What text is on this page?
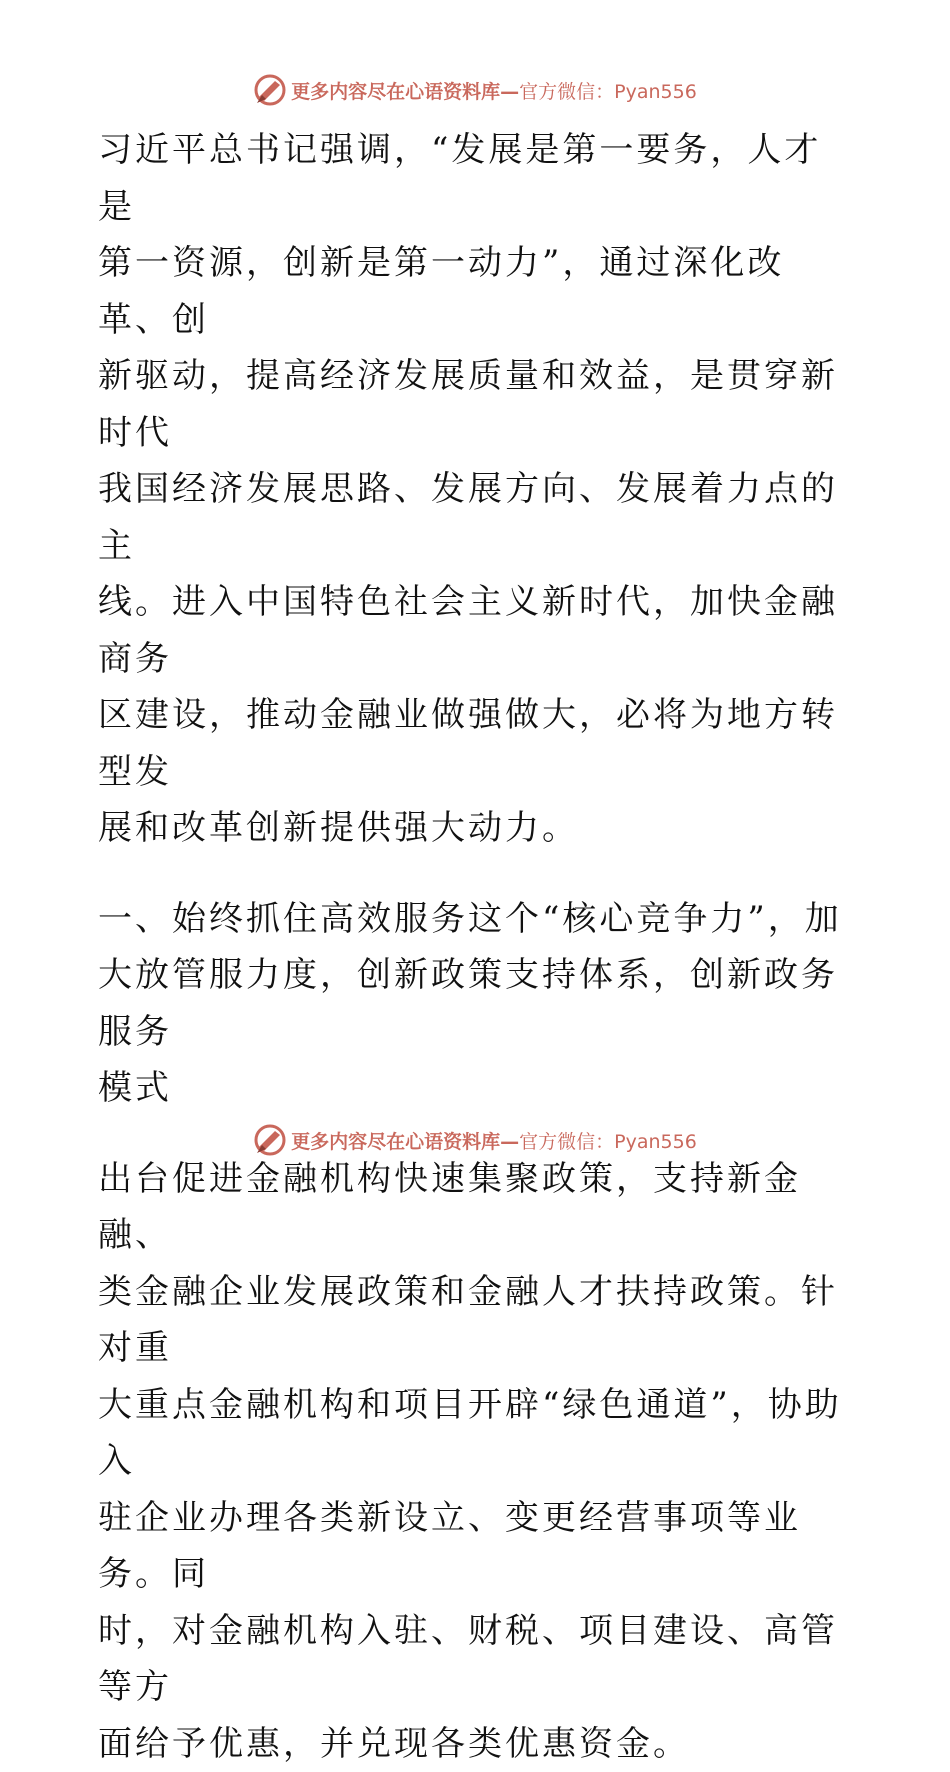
更多内容尽在心语资料库—官方微信：Pyan556

习近平总书记强调，“发展是第一要务，人才是
第一资源，创新是第一动力”，通过深化改革、创
新驱动，提高经济发展质量和效益，是贯穿新时代
我国经济发展思路、发展方向、发展着力点的主
线。进入中国特色社会主义新时代，加快金融商务
区建设，推动金融业做强做大，必将为地方转型发
展和改革创新提供强大动力。

一、始终抓住高效服务这个“核心竞争力”，加
大放管服力度，创新政策支持体系，创新政务服务
模式

出台促进金融机构快速集聚政策，支持新金融、
类金融企业发展政策和金融人才扶持政策。针对重
大重点金融机构和项目开辟“绿色通道”，协助入
驻企业办理各类新设立、变更经营事项等业务。同
时，对金融机构入驻、财税、项目建设、高管等方
面给予优惠，并兑现各类优惠资金。

更多内容尽在心语资料库—官方微信：Pyan556
